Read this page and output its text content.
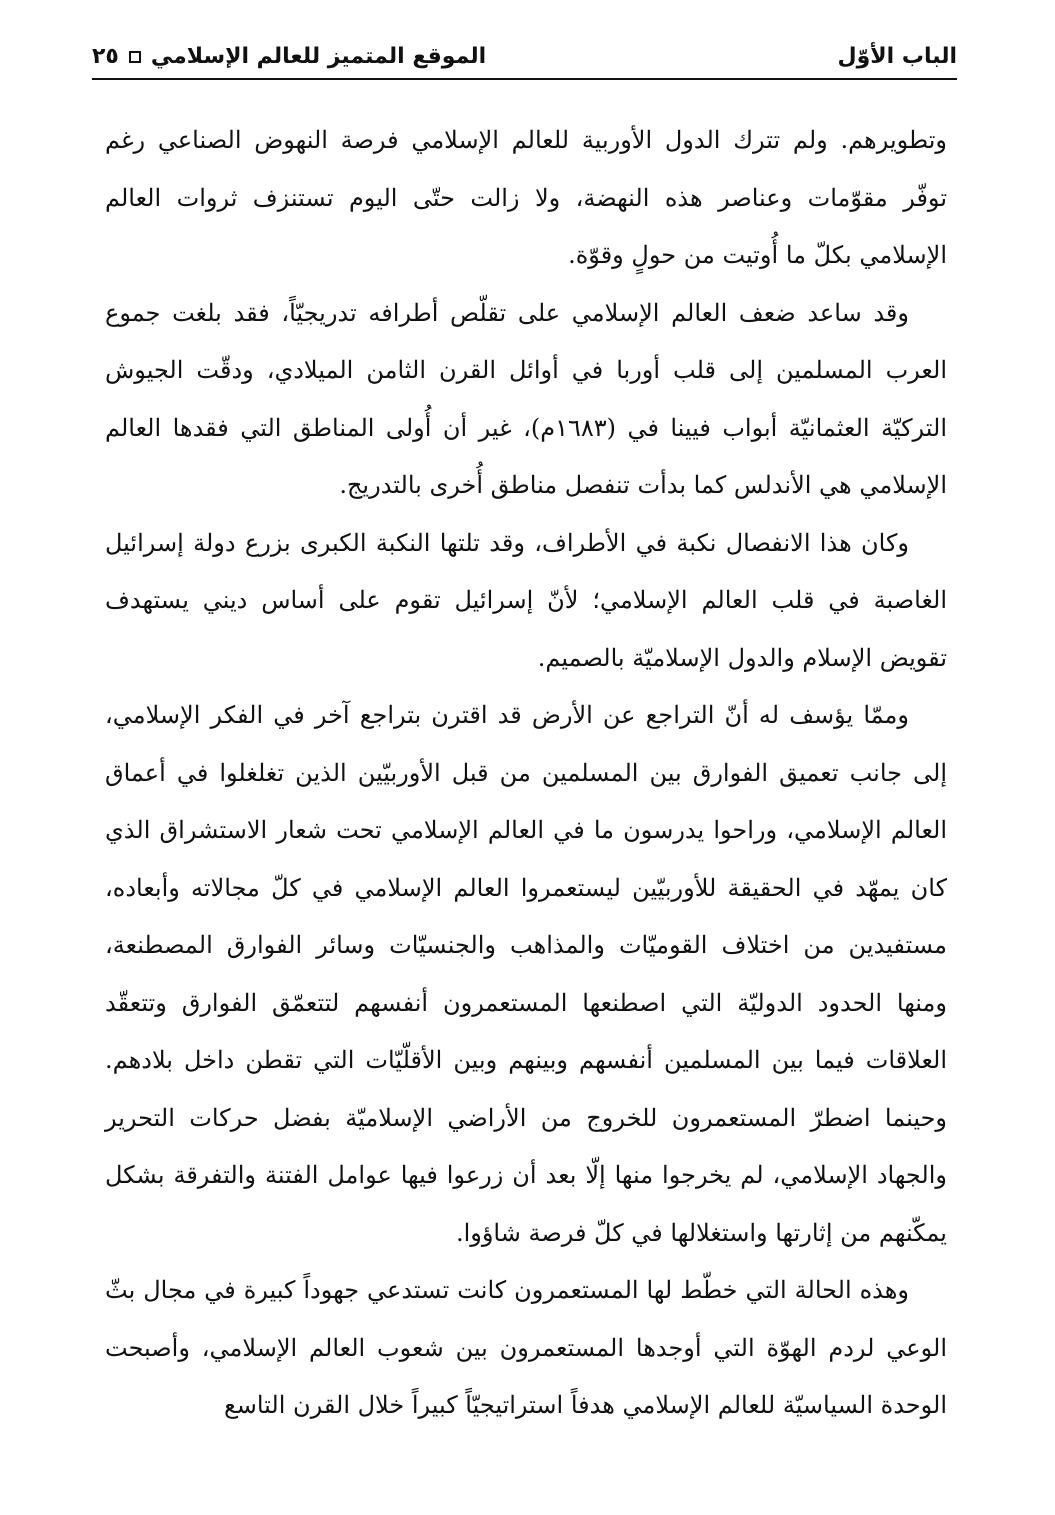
الباب الأوّل
الموقع المتميز للعالم الإسلامي
٢٥

وتطويرهم. ولم تترك الدول الأوربية للعالم الإسلامي فرصة النهوض الصناعي رغم توفّر مقوّمات وعناصر هذه النهضة، ولا زالت حتّى اليوم تستنزف ثروات العالم الإسلامي بكلّ ما أُوتيت من حولٍ وقوّة.

وقد ساعد ضعف العالم الإسلامي على تقلّص أطرافه تدريجيّاً، فقد بلغت جموع العرب المسلمين إلى قلب أوربا في أوائل القرن الثامن الميلادي، ودقّت الجيوش التركيّة العثمانيّة أبواب فيينا في (١٦٨٣م)، غير أن أُولى المناطق التي فقدها العالم الإسلامي هي الأندلس كما بدأت تنفصل مناطق أُخرى بالتدريج.

وكان هذا الانفصال نكبة في الأطراف، وقد تلتها النكبة الكبرى بزرع دولة إسرائيل الغاصبة في قلب العالم الإسلامي؛ لأنّ إسرائيل تقوم على أساس ديني يستهدف تقويض الإسلام والدول الإسلاميّة بالصميم.

وممّا يؤسف له أنّ التراجع عن الأرض قد اقترن بتراجع آخر في الفكر الإسلامي، إلى جانب تعميق الفوارق بين المسلمين من قبل الأوربيّين الذين تغلغلوا في أعماق العالم الإسلامي، وراحوا يدرسون ما في العالم الإسلامي تحت شعار الاستشراق الذي كان يمهّد في الحقيقة للأوربيّين ليستعمروا العالم الإسلامي في كلّ مجالاته وأبعاده، مستفيدين من اختلاف القوميّات والمذاهب والجنسيّات وسائر الفوارق المصطنعة، ومنها الحدود الدوليّة التي اصطنعها المستعمرون أنفسهم لتتعمّق الفوارق وتتعقّد العلاقات فيما بين المسلمين أنفسهم وبينهم وبين الأقلّيّات التي تقطن داخل بلادهم. وحينما اضطرّ المستعمرون للخروج من الأراضي الإسلاميّة بفضل حركات التحرير والجهاد الإسلامي، لم يخرجوا منها إلّا بعد أن زرعوا فيها عوامل الفتنة والتفرقة بشكل يمكّنهم من إثارتها واستغلالها في كلّ فرصة شاؤوا.

وهذه الحالة التي خطّط لها المستعمرون كانت تستدعي جهوداً كبيرة في مجال بثّ الوعي لردم الهوّة التي أوجدها المستعمرون بين شعوب العالم الإسلامي، وأصبحت الوحدة السياسيّة للعالم الإسلامي هدفاً استراتيجيّاً كبيراً خلال القرن التاسع
